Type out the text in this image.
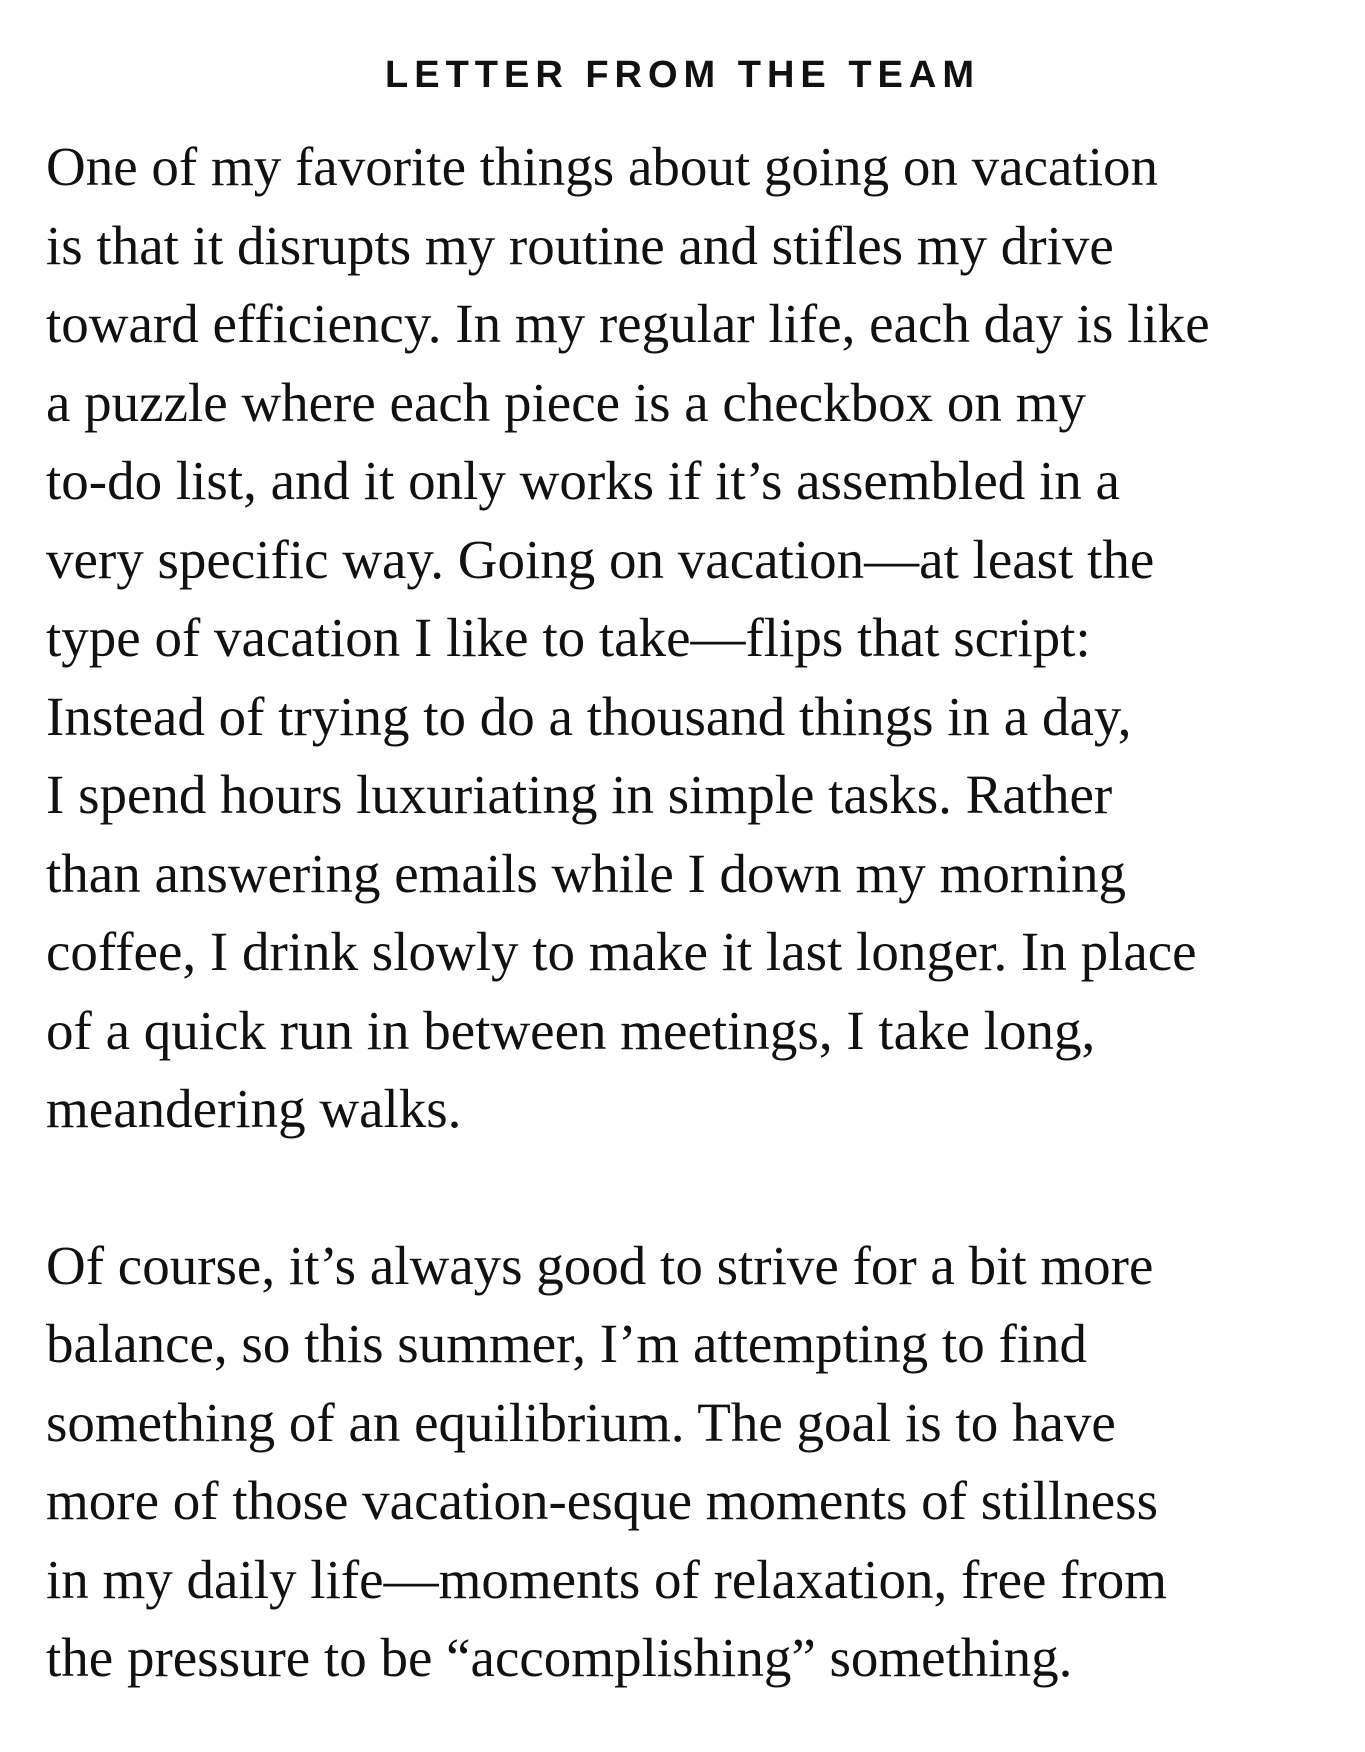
LETTER FROM THE TEAM

One of my favorite things about going on vacation
is that it disrupts my routine and stifles my drive
toward efficiency. In my regular life, each day is like
a puzzle where each piece is a checkbox on my
to-do list, and it only works if it’s assembled in a
very specific way. Going on vacation—at least the
type of vacation I like to take—flips that script:
Instead of trying to do a thousand things in a day,
I spend hours luxuriating in simple tasks. Rather
than answering emails while I down my morning
coffee, I drink slowly to make it last longer. In place
of a quick run in between meetings, I take long,
meandering walks.

Of course, it’s always good to strive for a bit more
balance, so this summer, I’m attempting to find
something of an equilibrium. The goal is to have
more of those vacation-esque moments of stillness
in my daily life—moments of relaxation, free from
the pressure to be “accomplishing” something.
